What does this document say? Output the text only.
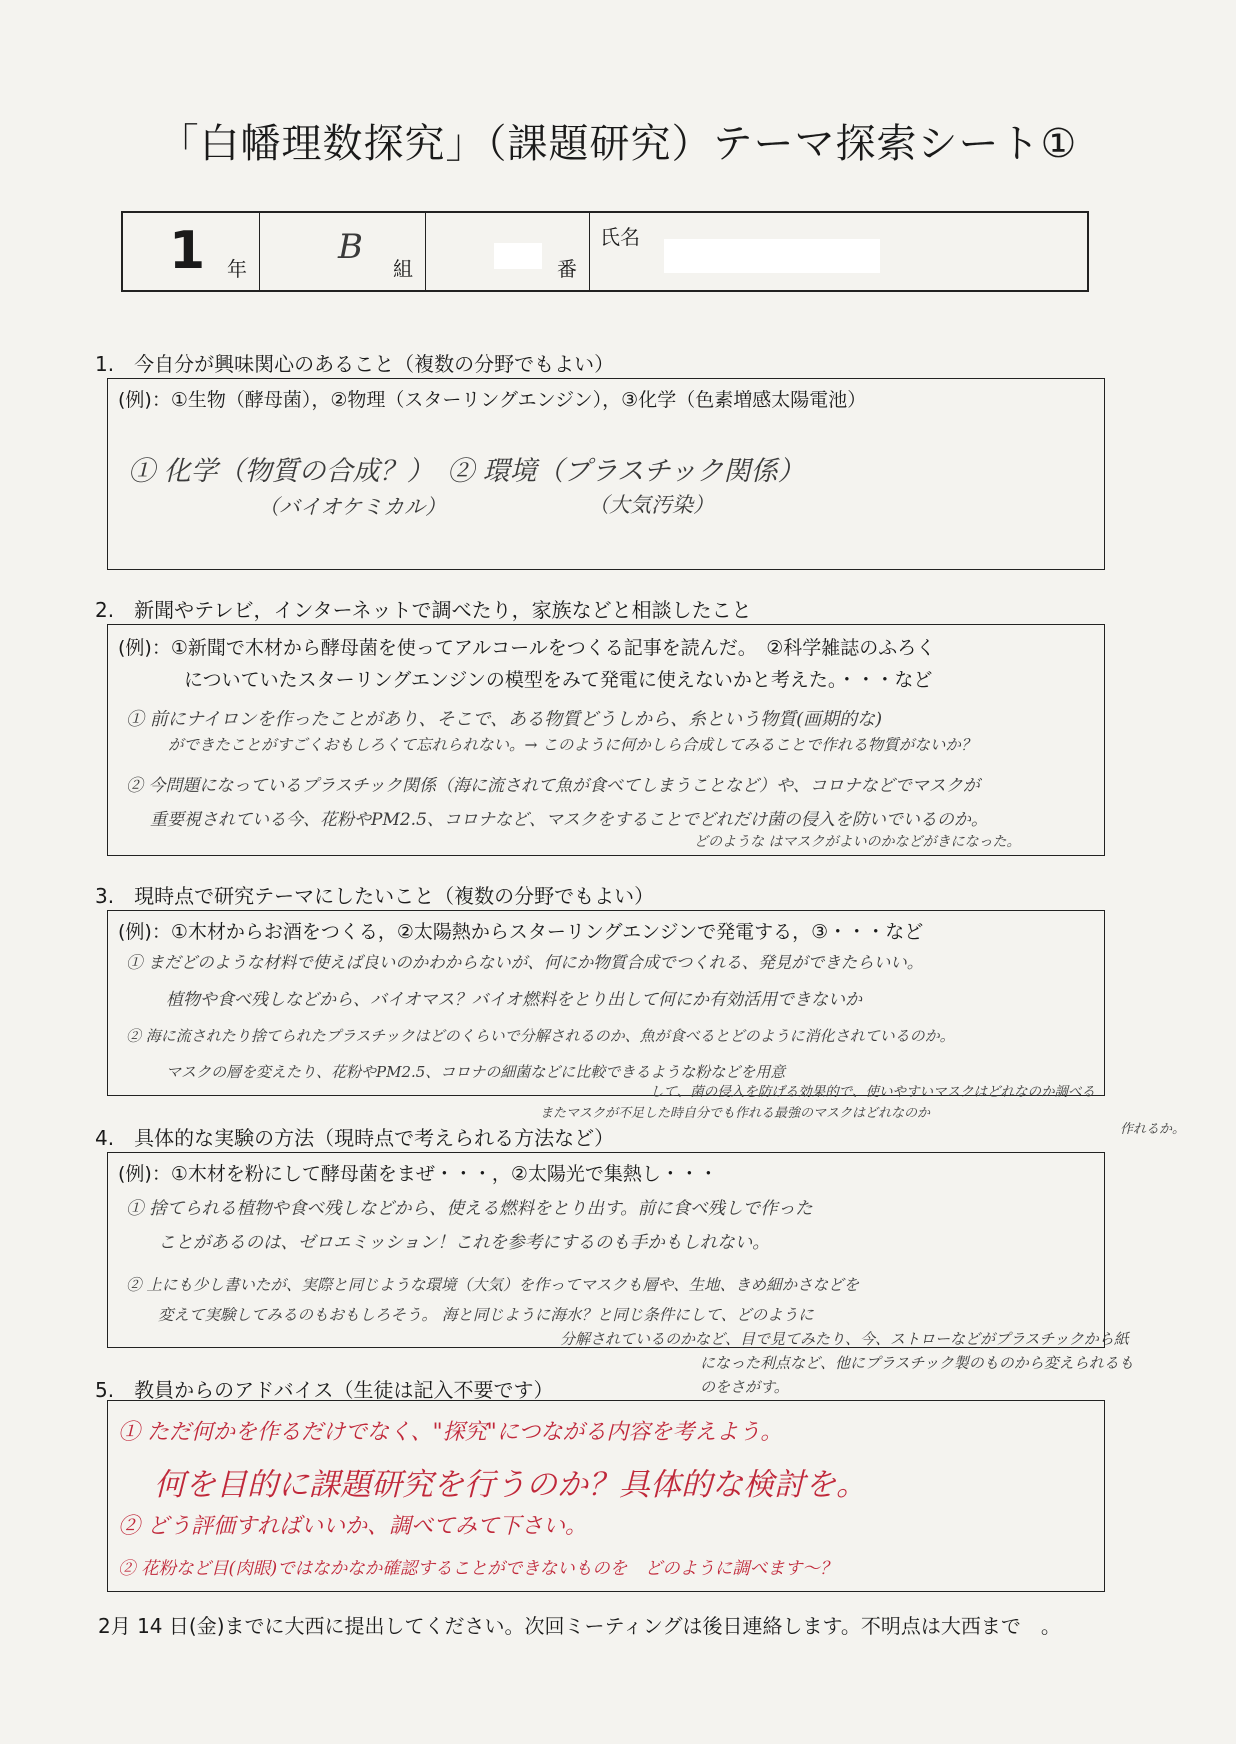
「白幡理数探究」（課題研究）テーマ探索シート①
1 年
B
組	番
氏名
1.　今自分が興味関心のあること（複数の分野でもよい）
(例)：①生物（酵母菌），②物理（スターリングエンジン），③化学（色素増感太陽電池）
① 化学（物質の合成？）　② 環境（プラスチック関係）
（バイオケミカル）	（大気汚染）
2.　新聞やテレビ，インターネットで調べたり，家族などと相談したこと
(例)：①新聞で木材から酵母菌を使ってアルコールをつくる記事を読んだ。　②科学雑誌のふろく
についていたスターリングエンジンの模型をみて発電に使えないかと考えた。・・・など
① 前にナイロンを作ったことがあり、そこで、ある物質どうしから、糸という物質(画期的な)
ができたことがすごくおもしろくて忘れられない。→ このように何かしら合成してみることで作れる物質がないか？
② 今問題になっているプラスチック関係（海に流されて魚が食べてしまうことなど）や、コロナなどでマスクが
重要視されている今、花粉やPM2.5、コロナなど、マスクをすることでどれだけ菌の侵入を防いでいるのか。
どのような はマスクがよいのかなどがきになった。
3.　現時点で研究テーマにしたいこと（複数の分野でもよい）
(例)：①木材からお酒をつくる，②太陽熱からスターリングエンジンで発電する，③・・・など
① まだどのような材料で使えば良いのかわからないが、何にか物質合成でつくれる、発見ができたらいい。
植物や食べ残しなどから、バイオマス？バイオ燃料をとり出して何にか有効活用できないか
② 海に流されたり捨てられたプラスチックはどのくらいで分解されるのか、魚が食べるとどのように消化されているのか。
マスクの層を変えたり、花粉やPM2.5、コロナの細菌などに比較できるような粉などを用意
して、菌の侵入を防げる効果的で、使いやすいマスクはどれなのか調べる
またマスクが不足した時自分でも作れる最強のマスクはどれなのか
作れるか。
4.　具体的な実験の方法（現時点で考えられる方法など）
(例)：①木材を粉にして酵母菌をまぜ・・・，②太陽光で集熱し・・・
① 捨てられる植物や食べ残しなどから、使える燃料をとり出す。前に食べ残しで作った
ことがあるのは、ゼロエミッション！これを参考にするのも手かもしれない。
② 上にも少し書いたが、実際と同じような環境（大気）を作ってマスクも層や、生地、きめ細かさなどを
変えて実験してみるのもおもしろそう。 海と同じように海水？と同じ条件にして、どのように
分解されているのかなど、目で見てみたり、今、ストローなどがプラスチックから紙
になった利点など、他にプラスチック製のものから変えられるも
のをさがす。
5.　教員からのアドバイス（生徒は記入不要です）
① ただ何かを作るだけでなく、"探究"につながる内容を考えよう。
何を目的に課題研究を行うのか？具体的な検討を。
② どう評価すればいいか、調べてみて下さい。
② 花粉など目(肉眼)ではなかなか確認することができないものを　どのように調べます～？
2月 14 日(金)までに大西に提出してください。次回ミーティングは後日連絡します。不明点は大西まで　。
